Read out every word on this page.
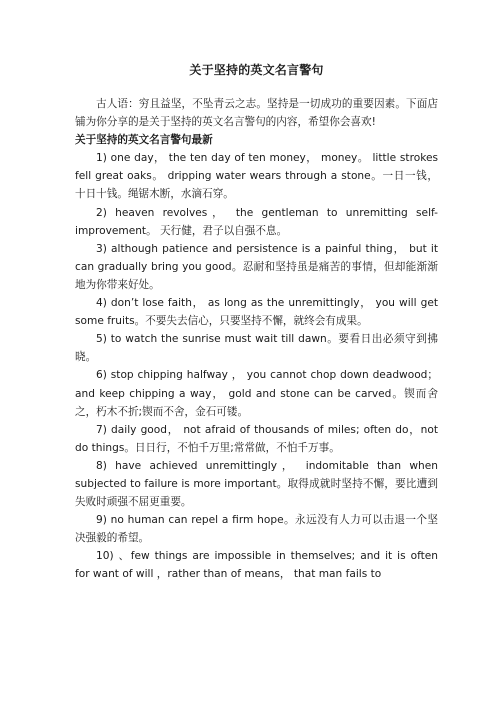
关于坚持的英文名言警句

古人语：穷且益坚，不坠青云之志。坚持是一切成功的重要因素。下面店铺为你分享的是关于坚持的英文名言警句的内容，希望你会喜欢!

关于坚持的英文名言警句最新

1) one day， the ten day of ten money， money。 little strokes fell great oaks。 dripping water wears through a stone。一日一钱，十日十钱。绳锯木断，水滴石穿。

2) heaven revolves， the gentleman to unremitting self-improvement。 天行健，君子以自强不息。

3) although patience and persistence is a painful thing， but it can gradually bring you good。忍耐和坚持虽是痛苦的事情，但却能渐渐地为你带来好处。

4) don’t lose faith， as long as the unremittingly， you will get some fruits。不要失去信心，只要坚持不懈，就终会有成果。

5) to watch the sunrise must wait till dawn。要看日出必须守到拂晓。

6) stop chipping halfway ， you cannot chop down deadwood；and keep chipping a way， gold and stone can be carved。锲而舍之，朽木不折;锲而不舍，金石可镂。

7) daily good， not afraid of thousands of miles; often do，not do things。日日行，不怕千万里;常常做，不怕千万事。

8) have achieved unremittingly， indomitable than when subjected to failure is more important。取得成就时坚持不懈，要比遭到失败时顽强不屈更重要。

9) no human can repel a firm hope。永远没有人力可以击退一个坚决强毅的希望。

10) 、few things are impossible in themselves; and it is often for want of will ，rather than of means， that man fails to
